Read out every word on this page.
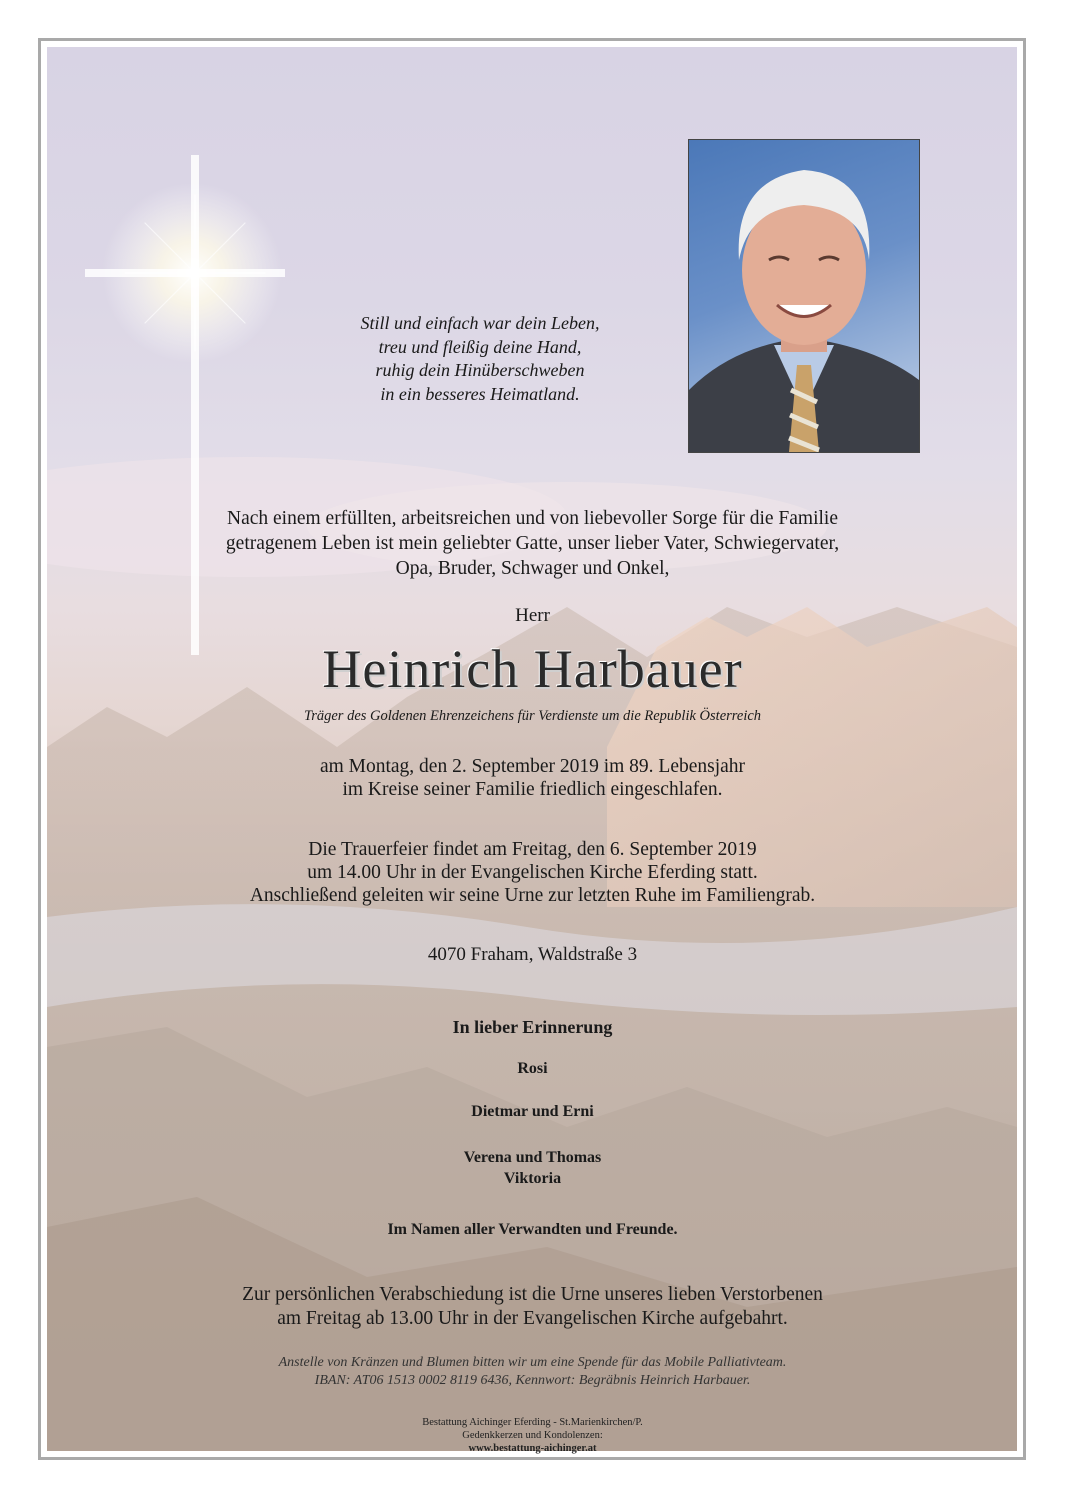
Still und einfach war dein Leben,
treu und fleißig deine Hand,
ruhig dein Hinüberschweben
in ein besseres Heimatland.

Nach einem erfüllten, arbeitsreichen und von liebevoller Sorge für die Familie
getragenem Leben ist mein geliebter Gatte, unser lieber Vater, Schwiegervater,
Opa, Bruder, Schwager und Onkel,

Herr

Heinrich Harbauer

Träger des Goldenen Ehrenzeichens für Verdienste um die Republik Österreich

am Montag, den 2. September 2019 im 89. Lebensjahr
im Kreise seiner Familie friedlich eingeschlafen.

Die Trauerfeier findet am Freitag, den 6. September 2019
um 14.00 Uhr in der Evangelischen Kirche Eferding statt.
Anschließend geleiten wir seine Urne zur letzten Ruhe im Familiengrab.

4070 Fraham, Waldstraße 3

In lieber Erinnerung

Rosi

Dietmar und Erni

Verena und Thomas
Viktoria

Im Namen aller Verwandten und Freunde.

Zur persönlichen Verabschiedung ist die Urne unseres lieben Verstorbenen
am Freitag ab 13.00 Uhr in der Evangelischen Kirche aufgebahrt.

Anstelle von Kränzen und Blumen bitten wir um eine Spende für das Mobile Palliativteam.
IBAN: AT06 1513 0002 8119 6436, Kennwort: Begräbnis Heinrich Harbauer.

Bestattung Aichinger Eferding - St.Marienkirchen/P.
Gedenkkerzen und Kondolenzen:
www.bestattung-aichinger.at
